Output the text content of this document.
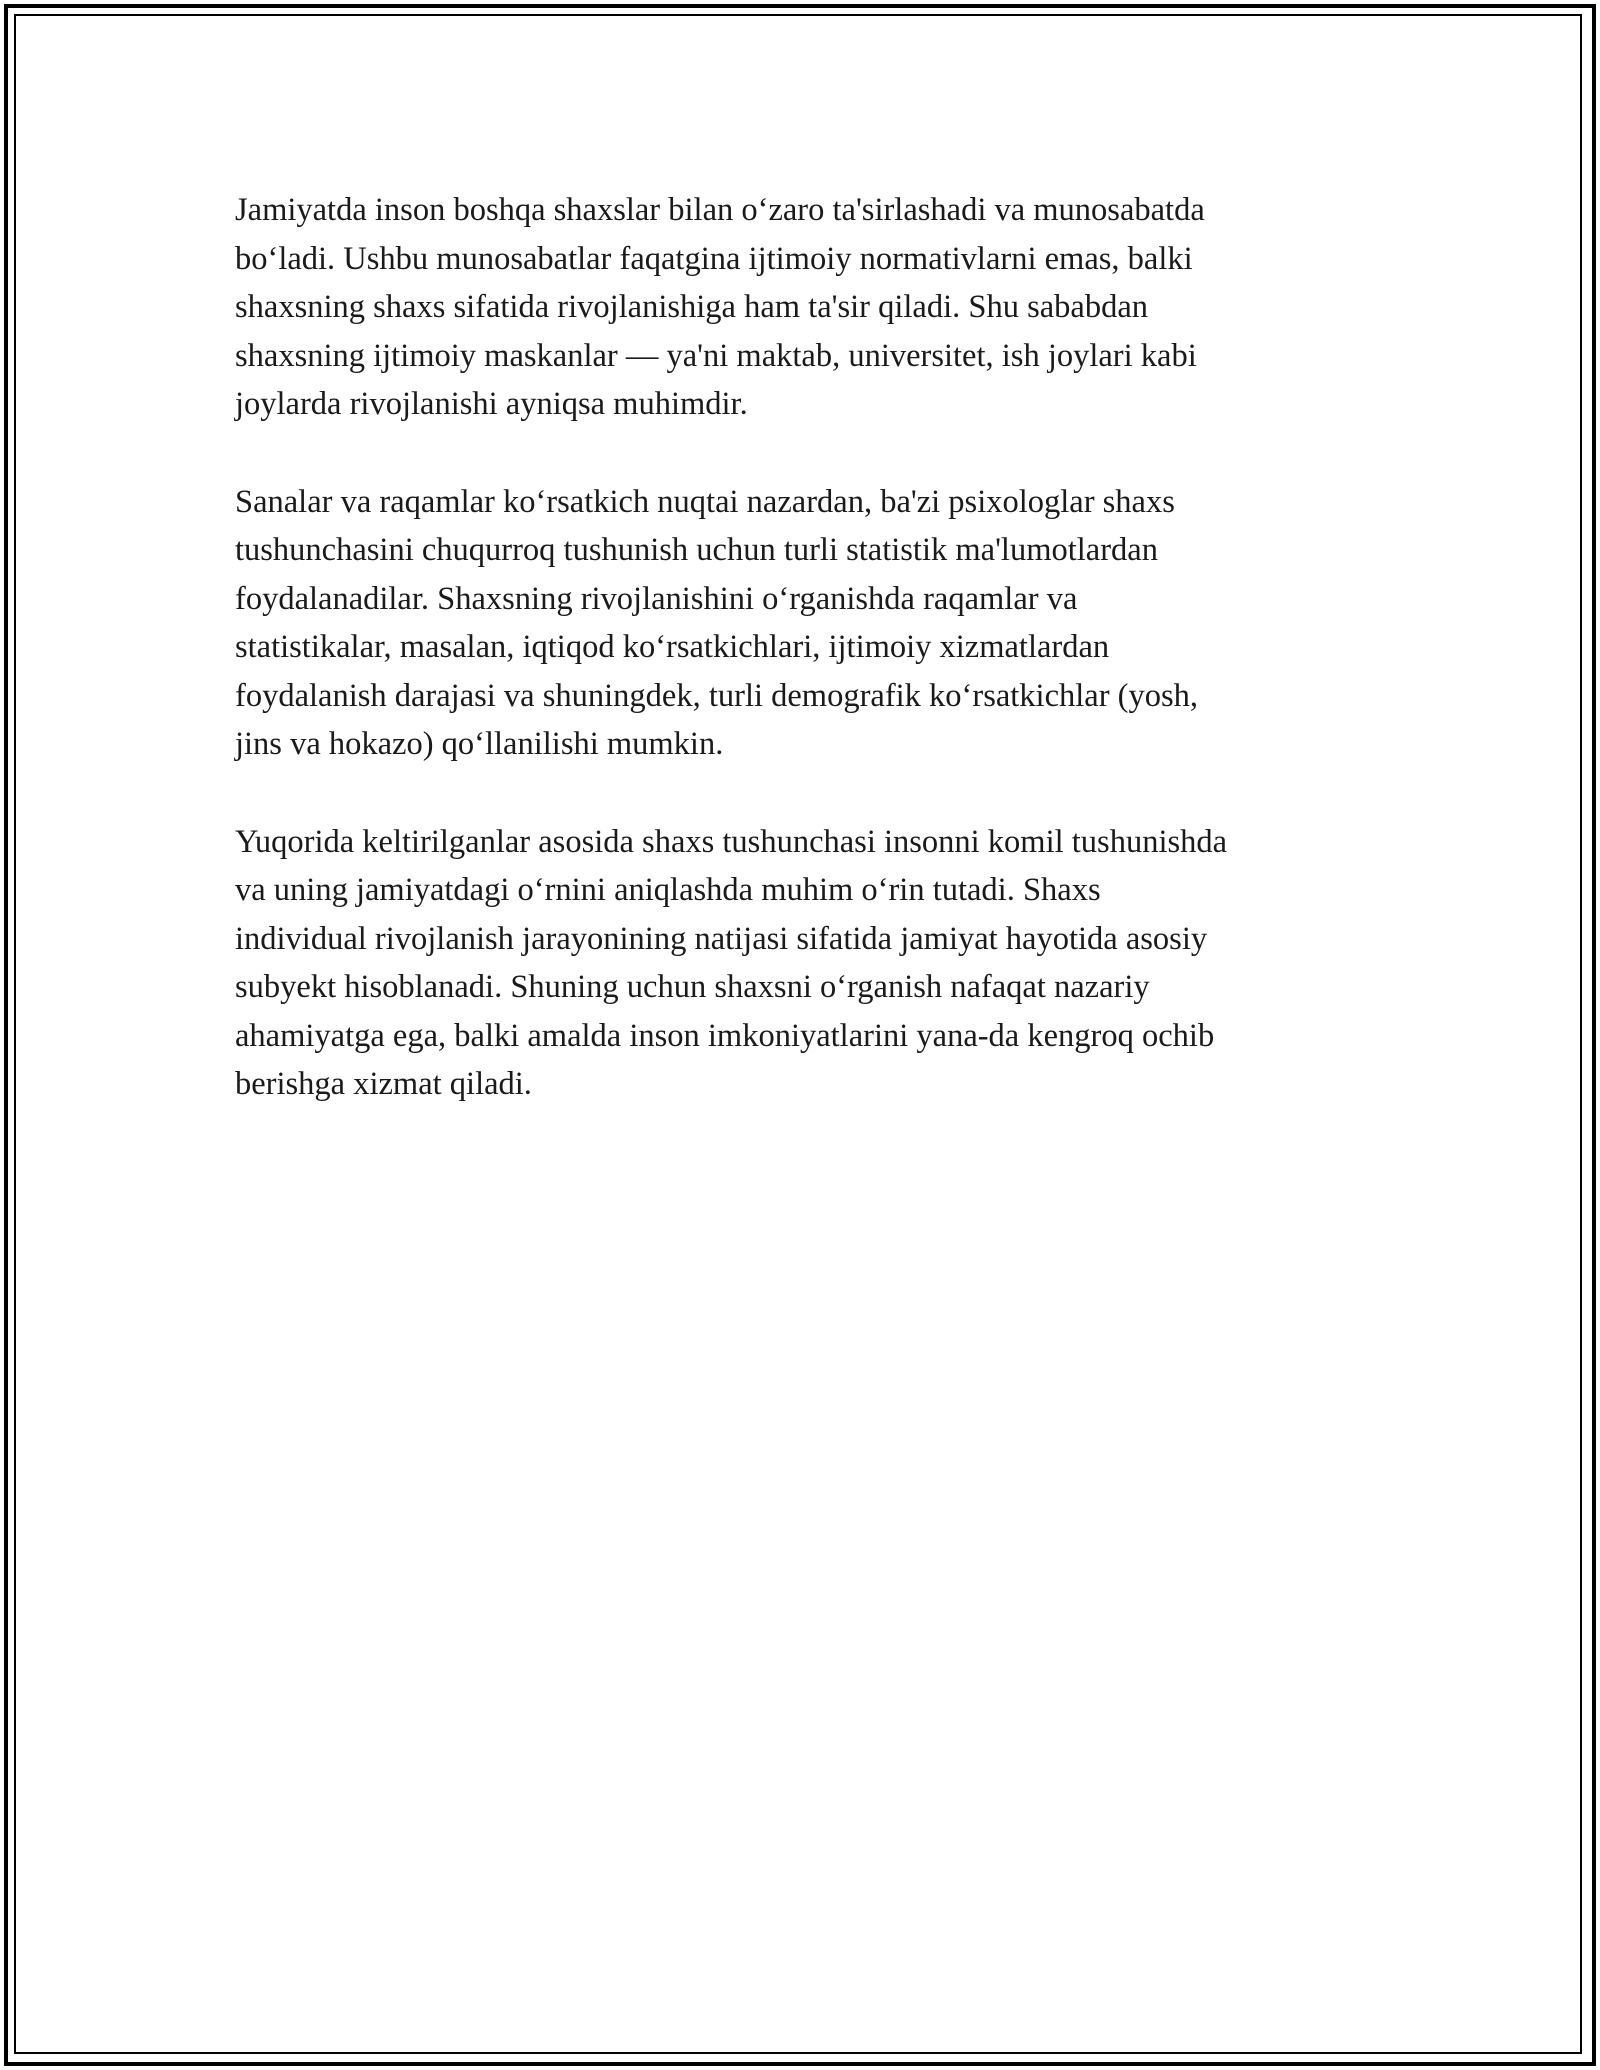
Jamiyatda inson boshqa shaxslar bilan o‘zaro ta'sirlashadi va munosabatda
bo‘ladi. Ushbu munosabatlar faqatgina ijtimoiy normativlarni emas, balki
shaxsning shaxs sifatida rivojlanishiga ham ta'sir qiladi. Shu sababdan
shaxsning ijtimoiy maskanlar — ya'ni maktab, universitet, ish joylari kabi
joylarda rivojlanishi ayniqsa muhimdir.

Sanalar va raqamlar ko‘rsatkich nuqtai nazardan, ba'zi psixologlar shaxs
tushunchasini chuqurroq tushunish uchun turli statistik ma'lumotlardan
foydalanadilar. Shaxsning rivojlanishini o‘rganishda raqamlar va
statistikalar, masalan, iqtiqod ko‘rsatkichlari, ijtimoiy xizmatlardan
foydalanish darajasi va shuningdek, turli demografik ko‘rsatkichlar (yosh,
jins va hokazo) qo‘llanilishi mumkin.

Yuqorida keltirilganlar asosida shaxs tushunchasi insonni komil tushunishda
va uning jamiyatdagi o‘rnini aniqlashda muhim o‘rin tutadi. Shaxs
individual rivojlanish jarayonining natijasi sifatida jamiyat hayotida asosiy
subyekt hisoblanadi. Shuning uchun shaxsni o‘rganish nafaqat nazariy
ahamiyatga ega, balki amalda inson imkoniyatlarini yana-da kengroq ochib
berishga xizmat qiladi.
